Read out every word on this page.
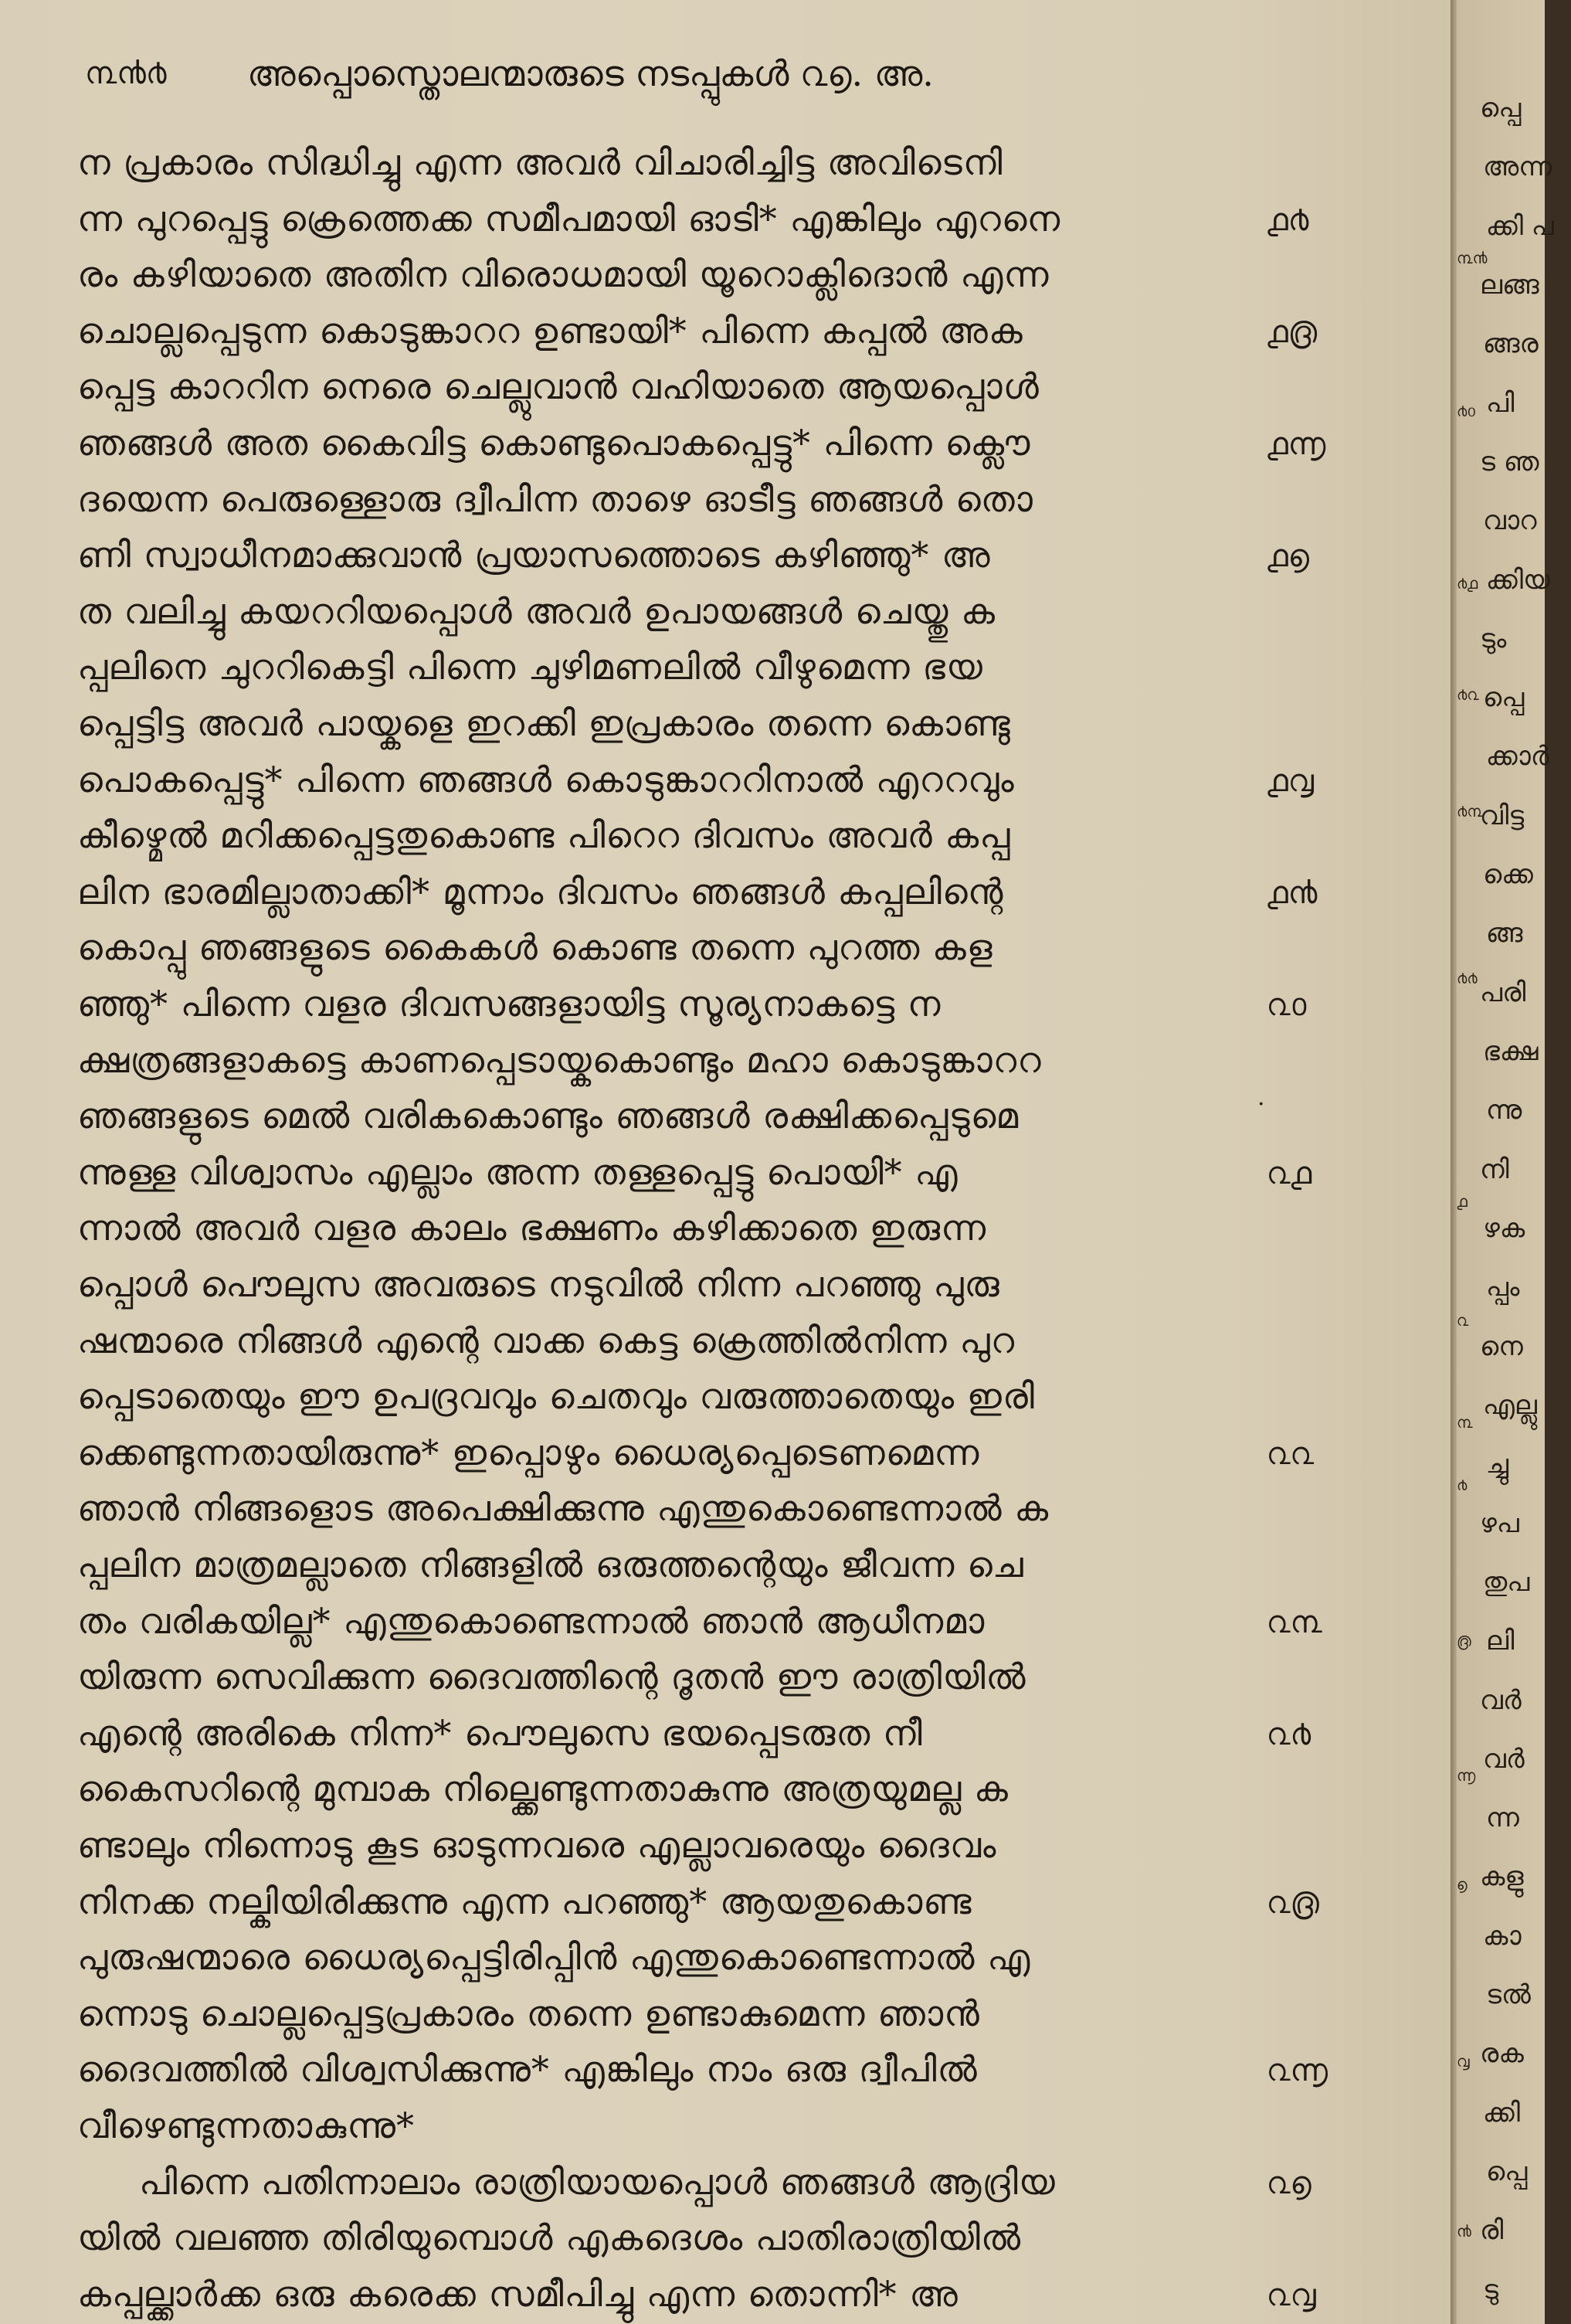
൩൯൪ അപ്പൊസ്തൊലന്മാരുടെ നടപ്പുകൾ ൨൭. അ.
ന പ്രകാരം സിദ്ധിച്ചു എന്ന അവർ വിചാരിച്ചിട്ട അവിടെനി
ന്ന പുറപ്പെട്ടു ക്രെത്തെക്ക സമീപമായി ഓടി* എങ്കിലും എറനെ
രം കഴിയാതെ അതിന വിരൊധമായി യൂറൊക്ലിദൊൻ എന്ന
ചൊല്ലപ്പെടുന്ന കൊടുങ്കാററ ഉണ്ടായി* പിന്നെ കപ്പൽ അക
പ്പെട്ട കാററിന നെരെ ചെല്ലുവാൻ വഹിയാതെ ആയപ്പൊൾ
ഞങ്ങൾ അത കൈവിട്ട കൊണ്ടുപൊകപ്പെട്ടു* പിന്നെ ക്ലൌ
ദയെന്ന പെരുള്ളൊരു ദ്വീപിന്ന താഴെ ഓടീട്ട ഞങ്ങൾ തൊ
ണി സ്വാധീനമാക്കുവാൻ പ്രയാസത്തൊടെ കഴിഞ്ഞു* അ
ത വലിച്ചു കയററിയപ്പൊൾ അവർ ഉപായങ്ങൾ ചെയ്തു ക
പ്പലിനെ ചുററികെട്ടി പിന്നെ ചുഴിമണലിൽ വീഴുമെന്ന ഭയ
പ്പെട്ടിട്ട അവർ പായ്കളെ ഇറക്കി ഇപ്രകാരം തന്നെ കൊണ്ടു
പൊകപ്പെട്ടു* പിന്നെ ഞങ്ങൾ കൊടുങ്കാററിനാൽ എററവും
കീഴ്മെൽ മറിക്കപ്പെട്ടതുകൊണ്ട പിറെറ ദിവസം അവർ കപ്പ
ലിന ഭാരമില്ലാതാക്കി* മൂന്നാം ദിവസം ഞങ്ങൾ കപ്പലിന്റെ
കൊപ്പു ഞങ്ങളുടെ കൈകൾ കൊണ്ട തന്നെ പുറത്ത കള
ഞ്ഞു* പിന്നെ വളര ദിവസങ്ങളായിട്ട സൂര്യനാകട്ടെ ന
ക്ഷത്രങ്ങളാകട്ടെ കാണപ്പെടായ്കകൊണ്ടും മഹാ കൊടുങ്കാററ
ഞങ്ങളുടെ മെൽ വരികകൊണ്ടും ഞങ്ങൾ രക്ഷിക്കപ്പെടുമെ
ന്നുള്ള വിശ്വാസം എല്ലാം അന്ന തള്ളപ്പെട്ടു പൊയി* എ
ന്നാൽ അവർ വളര കാലം ഭക്ഷണം കഴിക്കാതെ ഇരുന്ന
പ്പൊൾ പൌലുസ അവരുടെ നടുവിൽ നിന്ന പറഞ്ഞു പുരു
ഷന്മാരെ നിങ്ങൾ എന്റെ വാക്ക കെട്ട ക്രെത്തിൽനിന്ന പുറ
പ്പെടാതെയും ഈ ഉപദ്രവവും ചെതവും വരുത്താതെയും ഇരി
ക്കെണ്ടുന്നതായിരുന്നു* ഇപ്പൊഴും ധൈര്യപ്പെടെണമെന്ന
ഞാൻ നിങ്ങളൊട അപെക്ഷിക്കുന്നു എന്തുകൊണ്ടെന്നാൽ ക
പ്പലിന മാത്രമല്ലാതെ നിങ്ങളിൽ ഒരുത്തന്റെയും ജീവന്ന ചെ
തം വരികയില്ല* എന്തുകൊണ്ടെന്നാൽ ഞാൻ ആധീനമാ
യിരുന്ന സെവിക്കുന്ന ദൈവത്തിന്റെ ദൂതൻ ഈ രാത്രിയിൽ
എന്റെ അരികെ നിന്ന* പൌലുസെ ഭയപ്പെടരുത നീ
കൈസറിന്റെ മുമ്പാക നില്ക്കെണ്ടുന്നതാകുന്നു അത്രയുമല്ല ക
ണ്ടാലും നിന്നൊടു കൂട ഓടുന്നവരെ എല്ലാവരെയും ദൈവം
നിനക്ക നല്കിയിരിക്കുന്നു എന്ന പറഞ്ഞു* ആയതുകൊണ്ട
പുരുഷന്മാരെ ധൈര്യപ്പെട്ടിരിപ്പിൻ എന്തുകൊണ്ടെന്നാൽ എ
ന്നൊടു ചൊല്ലപ്പെട്ടപ്രകാരം തന്നെ ഉണ്ടാകുമെന്ന ഞാൻ
ദൈവത്തിൽ വിശ്വസിക്കുന്നു* എങ്കിലും നാം ഒരു ദ്വീപിൽ
വീഴെണ്ടുന്നതാകുന്നു*
പിന്നെ പതിന്നാലാം രാത്രിയായപ്പൊൾ ഞങ്ങൾ ആദ്രിയ
യിൽ വലഞ്ഞ തിരിയുമ്പൊൾ എകദെശം പാതിരാത്രിയിൽ
കപ്പല്ക്കാർക്ക ഒരു കരെക്ക സമീപിച്ചു എന്ന തൊന്നി* അ
൧൪
൧൫
൧൬
൧൭
൧൮
൧൯
൨൦
൨൧
൨൨
൨൩
൨൪
൨൫
൨൬
൨൭
൨൮
·
പ്പെ
അന്ന
ക്കി പ
ലങ്ങ
ങ്ങര
പി
ട ഞ
വാറ
ക്കിയ
ടും
പ്പെ
ക്കാർ
വിട്ട
ക്കെ
ങ്ങ
പരി
ഭക്ഷ
ന്നു
നി
ഴക
പ്പം
നെ
എല്ലു
ച്ചു
ഴപ
തുപ
ലി
വർ
വർ
ന്ന
കളു
കാ
ടൽ
രക
ക്കി
പ്പെ
രി
ടു
൩൯
൪൦
൪൧
൪൨
൪൩
൪൪
൧
൨
൩
൪
൫
൬
൭
൮
൯
